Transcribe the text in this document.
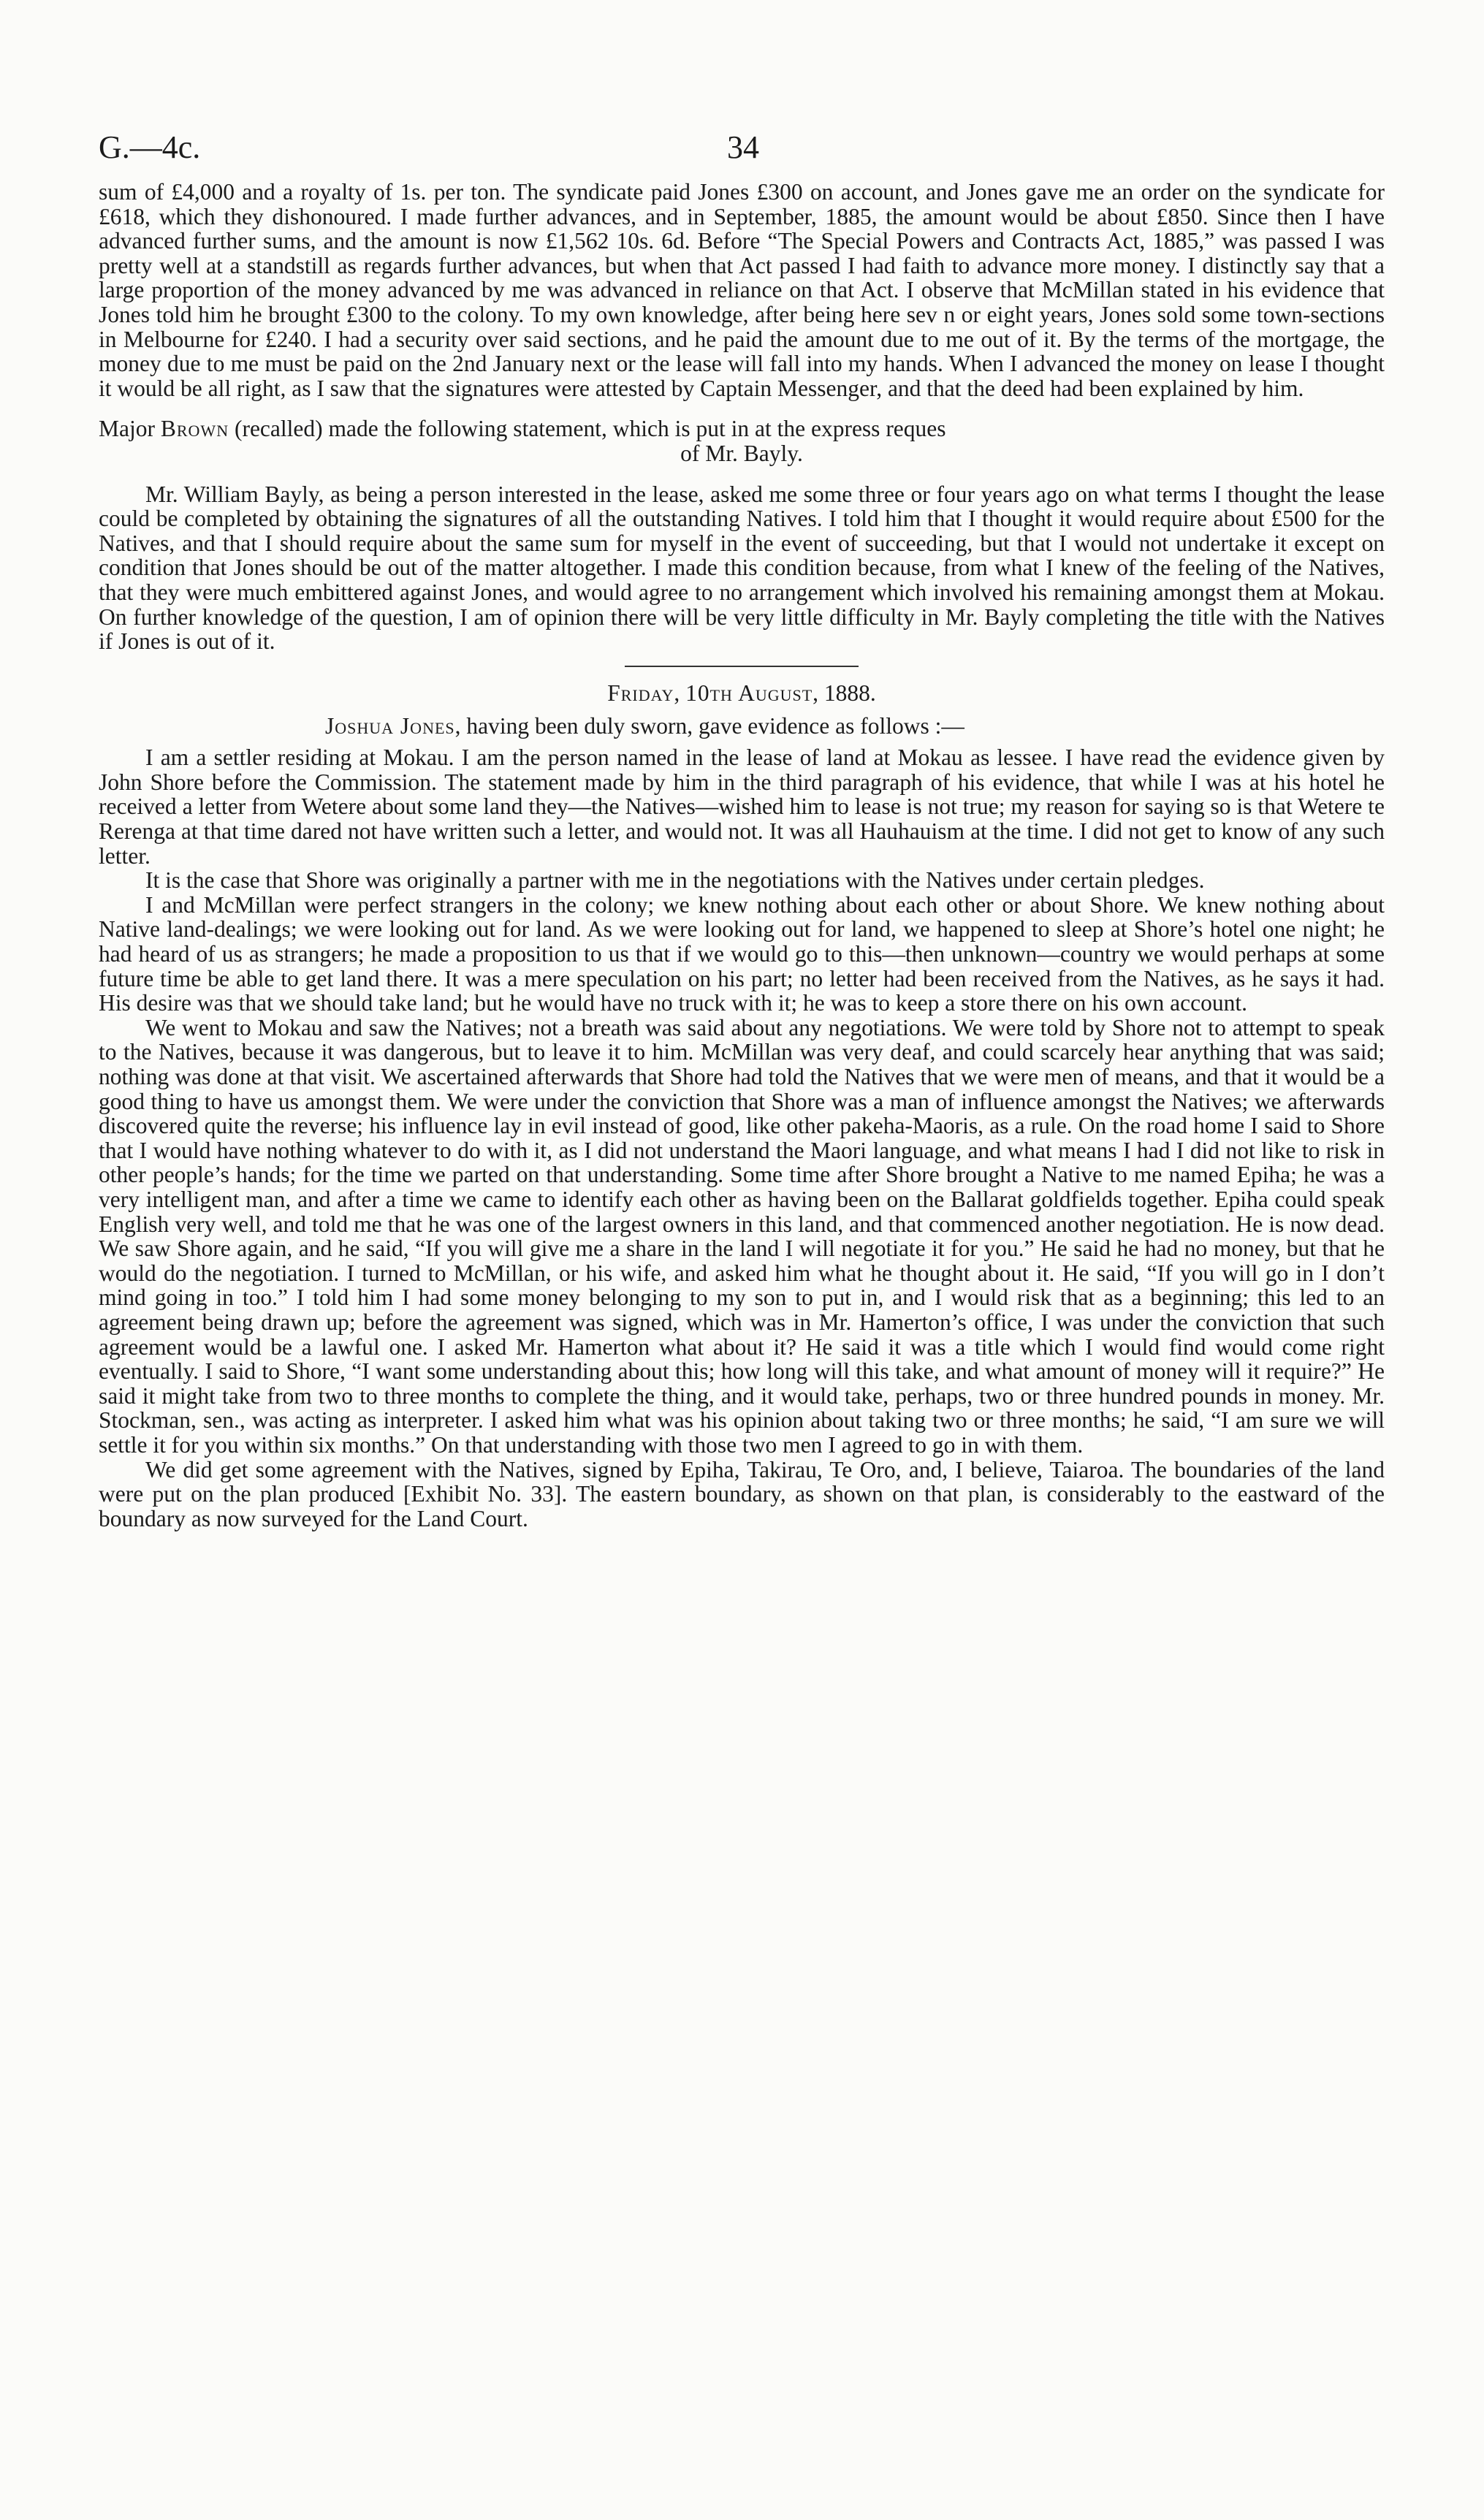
G.—4c.	34

sum of £4,000 and a royalty of 1s. per ton. The syndicate paid Jones £300 on account, and Jones gave me an order on the syndicate for £618, which they dishonoured. I made further advances, and in September, 1885, the amount would be about £850. Since then I have advanced further sums, and the amount is now £1,562 10s. 6d. Before “The Special Powers and Contracts Act, 1885,” was passed I was pretty well at a standstill as regards further advances, but when that Act passed I had faith to advance more money. I distinctly say that a large proportion of the money advanced by me was advanced in reliance on that Act. I observe that McMillan stated in his evidence that Jones told him he brought £300 to the colony. To my own knowledge, after being here sev n or eight years, Jones sold some town-sections in Melbourne for £240. I had a security over said sections, and he paid the amount due to me out of it. By the terms of the mortgage, the money due to me must be paid on the 2nd January next or the lease will fall into my hands. When I advanced the money on lease I thought it would be all right, as I saw that the signatures were attested by Captain Messenger, and that the deed had been explained by him.

Major Brown (recalled) made the following statement, which is put in at the express reques

of Mr. Bayly.

Mr. William Bayly, as being a person interested in the lease, asked me some three or four years ago on what terms I thought the lease could be completed by obtaining the signatures of all the outstanding Natives. I told him that I thought it would require about £500 for the Natives, and that I should require about the same sum for myself in the event of succeeding, but that I would not undertake it except on condition that Jones should be out of the matter altogether. I made this condition because, from what I knew of the feeling of the Natives, that they were much embittered against Jones, and would agree to no arrangement which involved his remaining amongst them at Mokau. On further knowledge of the question, I am of opinion there will be very little difficulty in Mr. Bayly completing the title with the Natives if Jones is out of it.

Friday, 10th August, 1888.

Joshua Jones, having been duly sworn, gave evidence as follows :—

I am a settler residing at Mokau. I am the person named in the lease of land at Mokau as lessee. I have read the evidence given by John Shore before the Commission. The statement made by him in the third paragraph of his evidence, that while I was at his hotel he received a letter from Wetere about some land they—the Natives—wished him to lease is not true; my reason for saying so is that Wetere te Rerenga at that time dared not have written such a letter, and would not. It was all Hauhauism at the time. I did not get to know of any such letter.

It is the case that Shore was originally a partner with me in the negotiations with the Natives under certain pledges.

I and McMillan were perfect strangers in the colony; we knew nothing about each other or about Shore. We knew nothing about Native land-dealings; we were looking out for land. As we were looking out for land, we happened to sleep at Shore’s hotel one night; he had heard of us as strangers; he made a proposition to us that if we would go to this—then unknown—country we would perhaps at some future time be able to get land there. It was a mere speculation on his part; no letter had been received from the Natives, as he says it had. His desire was that we should take land; but he would have no truck with it; he was to keep a store there on his own account.

We went to Mokau and saw the Natives; not a breath was said about any negotiations. We were told by Shore not to attempt to speak to the Natives, because it was dangerous, but to leave it to him. McMillan was very deaf, and could scarcely hear anything that was said; nothing was done at that visit. We ascertained afterwards that Shore had told the Natives that we were men of means, and that it would be a good thing to have us amongst them. We were under the conviction that Shore was a man of influence amongst the Natives; we afterwards discovered quite the reverse; his influence lay in evil instead of good, like other pakeha-Maoris, as a rule. On the road home I said to Shore that I would have nothing whatever to do with it, as I did not understand the Maori language, and what means I had I did not like to risk in other people’s hands; for the time we parted on that understanding. Some time after Shore brought a Native to me named Epiha; he was a very intelligent man, and after a time we came to identify each other as having been on the Ballarat goldfields together. Epiha could speak English very well, and told me that he was one of the largest owners in this land, and that commenced another negotiation. He is now dead. We saw Shore again, and he said, “If you will give me a share in the land I will negotiate it for you.” He said he had no money, but that he would do the negotiation. I turned to McMillan, or his wife, and asked him what he thought about it. He said, “If you will go in I don’t mind going in too.” I told him I had some money belonging to my son to put in, and I would risk that as a beginning; this led to an agreement being drawn up; before the agreement was signed, which was in Mr. Hamerton’s office, I was under the conviction that such agreement would be a lawful one. I asked Mr. Hamerton what about it? He said it was a title which I would find would come right eventually. I said to Shore, “I want some understanding about this; how long will this take, and what amount of money will it require?” He said it might take from two to three months to complete the thing, and it would take, perhaps, two or three hundred pounds in money. Mr. Stockman, sen., was acting as interpreter. I asked him what was his opinion about taking two or three months; he said, “I am sure we will settle it for you within six months.” On that understanding with those two men I agreed to go in with them.

We did get some agreement with the Natives, signed by Epiha, Takirau, Te Oro, and, I believe, Taiaroa. The boundaries of the land were put on the plan produced [Exhibit No. 33]. The eastern boundary, as shown on that plan, is considerably to the eastward of the boundary as now surveyed for the Land Court.
